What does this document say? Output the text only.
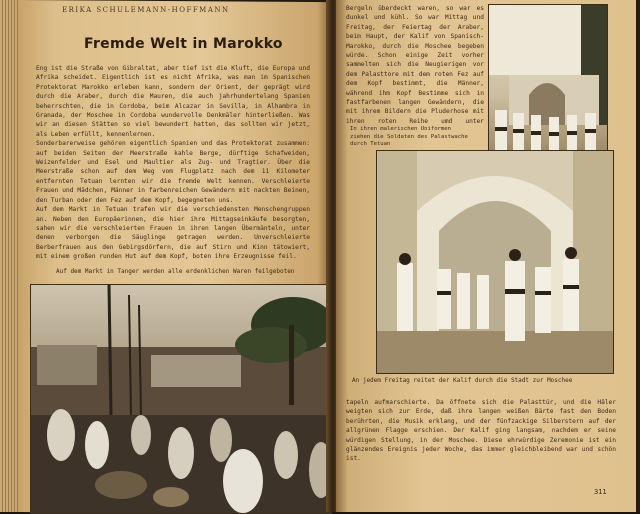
ERIKA SCHULEMANN-HOFFMANN
Fremde Welt in Marokko

Eng ist die Straße von Gibraltat, aber tief ist die Kluft, die Europa und Afrika scheidet. Eigentlich ist es nicht Afrika, was man im Spanischen Protektorat Marokko erleben kann, sondern der Orient, der geprägt wird durch die Araber, durch die Mauren, die auch jahrhundertelang Spanien beherrschten, die in Cordoba, beim Alcazar in Sevilla, in Alhambra in Granada, der Moschee in Cordoba wundervolle Denkmäler hinterließen. Was wir an diesen Stätten so viel bewundert hatten, das sollten wir jetzt, als Leben erfüllt, kennenlernen.

Sonderbarerweise gehören eigentlich Spanien und das Protektorat zusammen: auf beiden Seiten der Meerstraße kahle Berge, dürftige Schafweiden, Weizenfelder und Esel und Maultier als Zug- und Tragtier. Über die Meerstraße schon auf dem Weg vom Flugplatz nach dem 11 Kilometer entfernten Tetuan lernten wir die fremde Welt kennen. Verschleierte Frauen und Mädchen, Männer in farbenreichen Gewändern mit nackten Beinen, den Turban oder den Fez auf dem Kopf, begegneten uns.

Auf dem Markt in Tetuan trafen wir die verschiedensten Menschengruppen an. Neben den Europäerinnen, die hier ihre Mittagseinkäufe besorgten, sahen wir die verschleierten Frauen in ihren langen Übermänteln, unter denen verborgen die Säuglinge getragen werden. Unverschleierte Berberfrauen aus den Gebirgsdörfern, die auf Stirn und Kinn tätowiert, mit einem großen runden Hut auf dem Kopf, boten ihre Erzeugnisse feil.

Auf dem Markt in Tanger werden alle erdenklichen Waren feilgeboten

Bergeln überdeckt waren, so war es dunkel und kühl. So war Mittag und Freitag, der Feiertag der Araber, beim Haupt, der Kalif von Spanisch-Marokko, durch die Moschee begeben würde. Schon einige Zeit vorher sammelten sich die Neugierigen vor dem Palasttore mit dem roten Fez auf dem Kopf bestimmt, die Männer, während ihm Kopf Bestimme sich in fastfarbenen langen Gewändern, die mit ihrem Bildern die Pluderhose mit ihren roten Reihe umd unter

In ihren malerischen Uniformen ziehen die Soldaten des Palastwache durch Tetuan
An jedem Freitag reitet der Kalif durch die Stadt zur Moschee

tapeln aufmarschierte. Da öffnete sich die Palasttür, und die Häler weigten sich zur Erde, daß ihre langen weißen Bärte fast den Boden berührten, die Musik erklang, und der fünfzackige Silberstern auf der allgrünen Flagge erschien. Der Kalif ging langsam, nachdem er seine würdigen Stellung, in der Moschee. Diese ehrwürdige Zeremonie ist ein glänzendes Ereignis jeder Woche, das immer gleichbleibend war und schön ist.

311
